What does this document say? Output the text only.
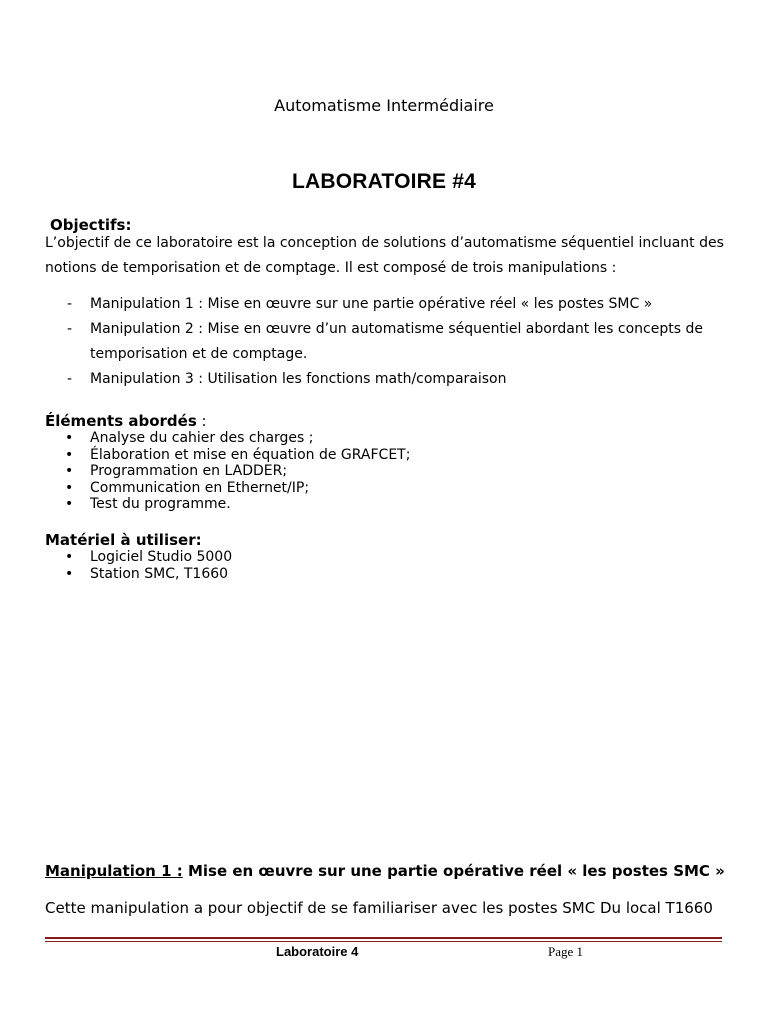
Automatisme Intermédiaire
LABORATOIRE #4
Objectifs:
L’objectif de ce laboratoire est la conception de solutions d’automatisme séquentiel incluant des notions de temporisation et de comptage. Il est composé de trois manipulations :
- Manipulation 1 : Mise en œuvre sur une partie opérative réel « les postes SMC »
- Manipulation 2 : Mise en œuvre d’un automatisme séquentiel abordant les concepts de temporisation et de comptage.
- Manipulation 3 : Utilisation les fonctions math/comparaison
Éléments abordés :
• Analyse du cahier des charges ;
• Élaboration et mise en équation de GRAFCET;
• Programmation en LADDER;
• Communication en Ethernet/IP;
• Test du programme.
Matériel à utiliser:
• Logiciel Studio 5000
• Station SMC, T1660
Manipulation 1 : Mise en œuvre sur une partie opérative réel « les postes SMC »
Cette manipulation a pour objectif de se familiariser avec les postes SMC Du local T1660
Laboratoire 4	Page 1
